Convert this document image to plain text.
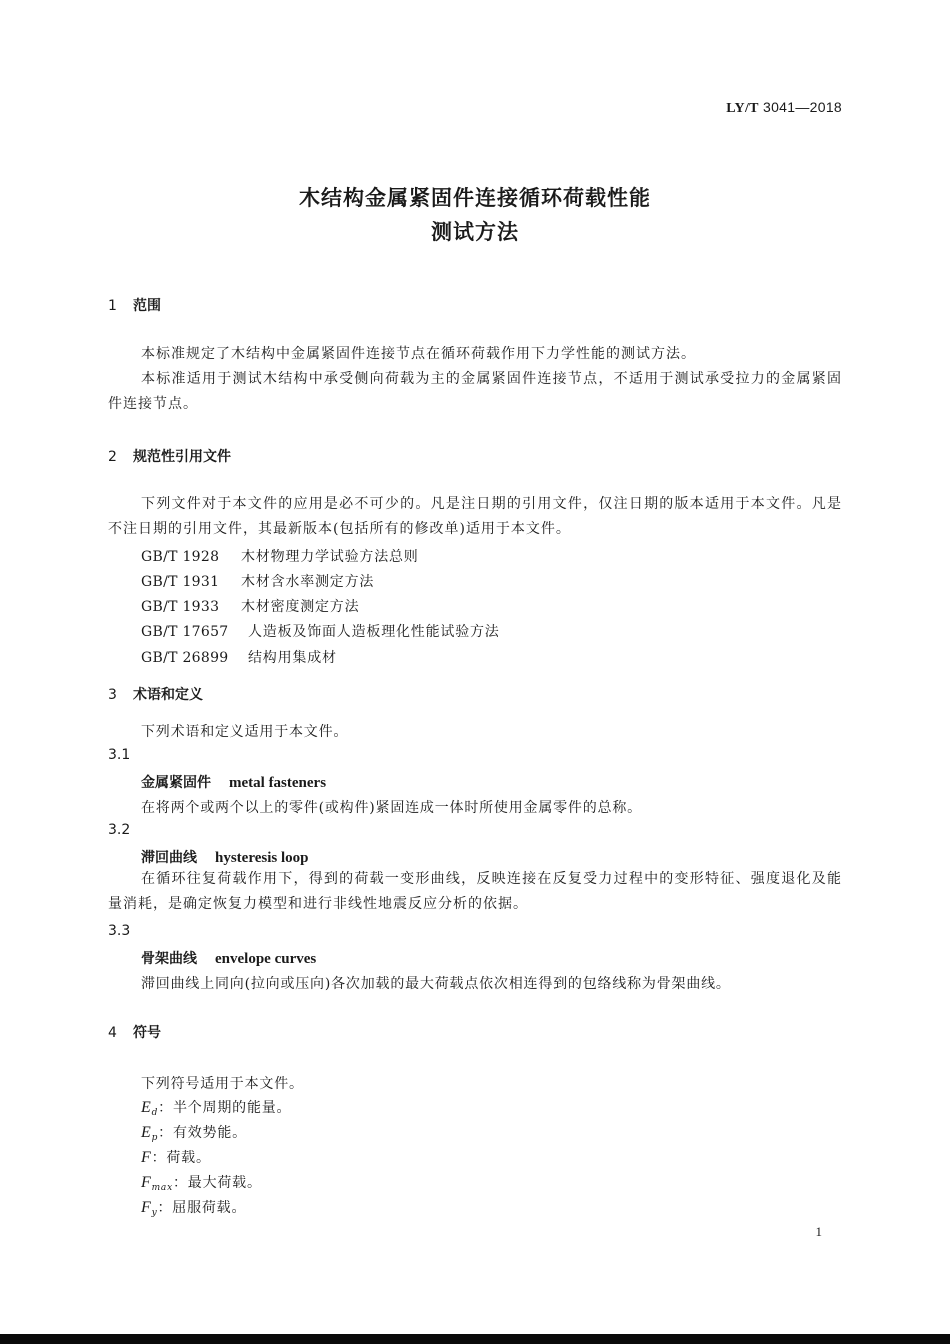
LY/T 3041—2018
木结构金属紧固件连接循环荷载性能
测试方法
1 范围
本标准规定了木结构中金属紧固件连接节点在循环荷载作用下力学性能的测试方法。
本标准适用于测试木结构中承受侧向荷载为主的金属紧固件连接节点，不适用于测试承受拉力的金属紧固件连接节点。
2 规范性引用文件
下列文件对于本文件的应用是必不可少的。凡是注日期的引用文件，仅注日期的版本适用于本文件。凡是不注日期的引用文件，其最新版本(包括所有的修改单)适用于本文件。
GB/T 1928 木材物理力学试验方法总则
GB/T 1931 木材含水率测定方法
GB/T 1933 木材密度测定方法
GB/T 17657 人造板及饰面人造板理化性能试验方法
GB/T 26899 结构用集成材
3 术语和定义
下列术语和定义适用于本文件。
3.1
金属紧固件 metal fasteners
在将两个或两个以上的零件(或构件)紧固连成一体时所使用金属零件的总称。
3.2
滞回曲线 hysteresis loop
在循环往复荷载作用下，得到的荷载一变形曲线，反映连接在反复受力过程中的变形特征、强度退化及能量消耗，是确定恢复力模型和进行非线性地震反应分析的依据。
3.3
骨架曲线 envelope curves
滞回曲线上同向(拉向或压向)各次加载的最大荷载点依次相连得到的包络线称为骨架曲线。
4 符号
下列符号适用于本文件。
$E_d$：半个周期的能量。
$E_p$：有效势能。
F：荷载。
$F_{max}$：最大荷载。
$F_y$：屈服荷载。
1
